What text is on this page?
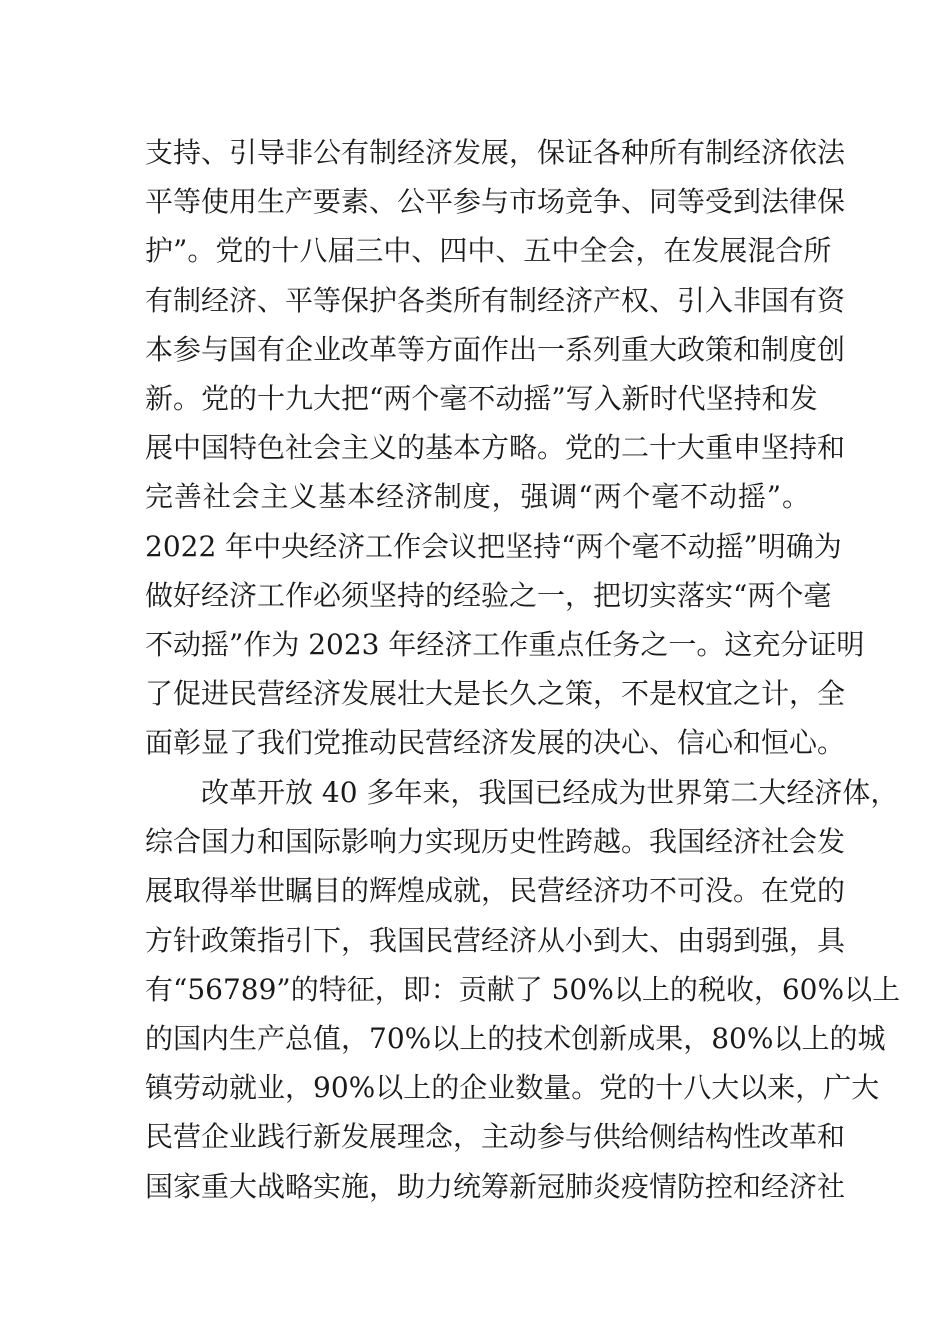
支持、引导非公有制经济发展，保证各种所有制经济依法
平等使用生产要素、公平参与市场竞争、同等受到法律保
护”。党的十八届三中、四中、五中全会，在发展混合所
有制经济、平等保护各类所有制经济产权、引入非国有资
本参与国有企业改革等方面作出一系列重大政策和制度创
新。党的十九大把“两个毫不动摇”写入新时代坚持和发
展中国特色社会主义的基本方略。党的二十大重申坚持和
完善社会主义基本经济制度，强调“两个毫不动摇”。
2022 年中央经济工作会议把坚持“两个毫不动摇”明确为
做好经济工作必须坚持的经验之一，把切实落实“两个毫
不动摇”作为 2023 年经济工作重点任务之一。这充分证明
了促进民营经济发展壮大是长久之策，不是权宜之计，全
面彰显了我们党推动民营经济发展的决心、信心和恒心。
改革开放 40 多年来，我国已经成为世界第二大经济体，
综合国力和国际影响力实现历史性跨越。我国经济社会发
展取得举世瞩目的辉煌成就，民营经济功不可没。在党的
方针政策指引下，我国民营经济从小到大、由弱到强，具
有“56789”的特征，即：贡献了 50%以上的税收，60%以上
的国内生产总值，70%以上的技术创新成果，80%以上的城
镇劳动就业，90%以上的企业数量。党的十八大以来，广大
民营企业践行新发展理念，主动参与供给侧结构性改革和
国家重大战略实施，助力统筹新冠肺炎疫情防控和经济社
